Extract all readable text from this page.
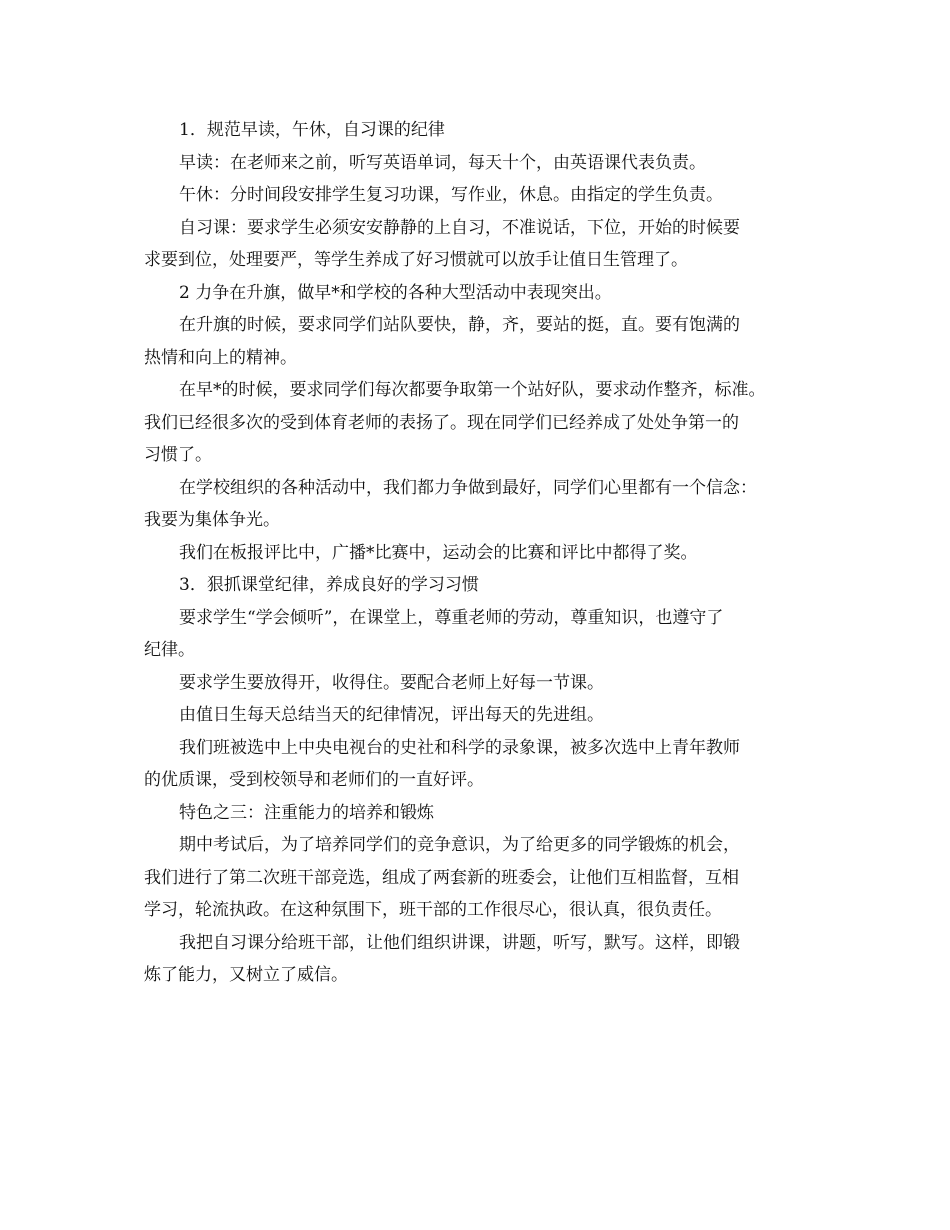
1．规范早读，午休，自习课的纪律
早读：在老师来之前，听写英语单词，每天十个，由英语课代表负责。
午休：分时间段安排学生复习功课，写作业，休息。由指定的学生负责。
自习课：要求学生必须安安静静的上自习，不准说话，下位，开始的时候要
求要到位，处理要严，等学生养成了好习惯就可以放手让值日生管理了。
2 力争在升旗，做早*和学校的各种大型活动中表现突出。
在升旗的时候，要求同学们站队要快，静，齐，要站的挺，直。要有饱满的
热情和向上的精神。
在早*的时候，要求同学们每次都要争取第一个站好队，要求动作整齐，标准。
我们已经很多次的受到体育老师的表扬了。现在同学们已经养成了处处争第一的
习惯了。
在学校组织的各种活动中，我们都力争做到最好，同学们心里都有一个信念：
我要为集体争光。
我们在板报评比中，广播*比赛中，运动会的比赛和评比中都得了奖。
3．狠抓课堂纪律，养成良好的学习习惯
要求学生“学会倾听”，在课堂上，尊重老师的劳动，尊重知识，也遵守了
纪律。
要求学生要放得开，收得住。要配合老师上好每一节课。
由值日生每天总结当天的纪律情况，评出每天的先进组。
我们班被选中上中央电视台的史社和科学的录象课，被多次选中上青年教师
的优质课，受到校领导和老师们的一直好评。
特色之三：注重能力的培养和锻炼
期中考试后，为了培养同学们的竞争意识，为了给更多的同学锻炼的机会，
我们进行了第二次班干部竞选，组成了两套新的班委会，让他们互相监督，互相
学习，轮流执政。在这种氛围下，班干部的工作很尽心，很认真，很负责任。
我把自习课分给班干部，让他们组织讲课，讲题，听写，默写。这样，即锻
炼了能力，又树立了威信。
